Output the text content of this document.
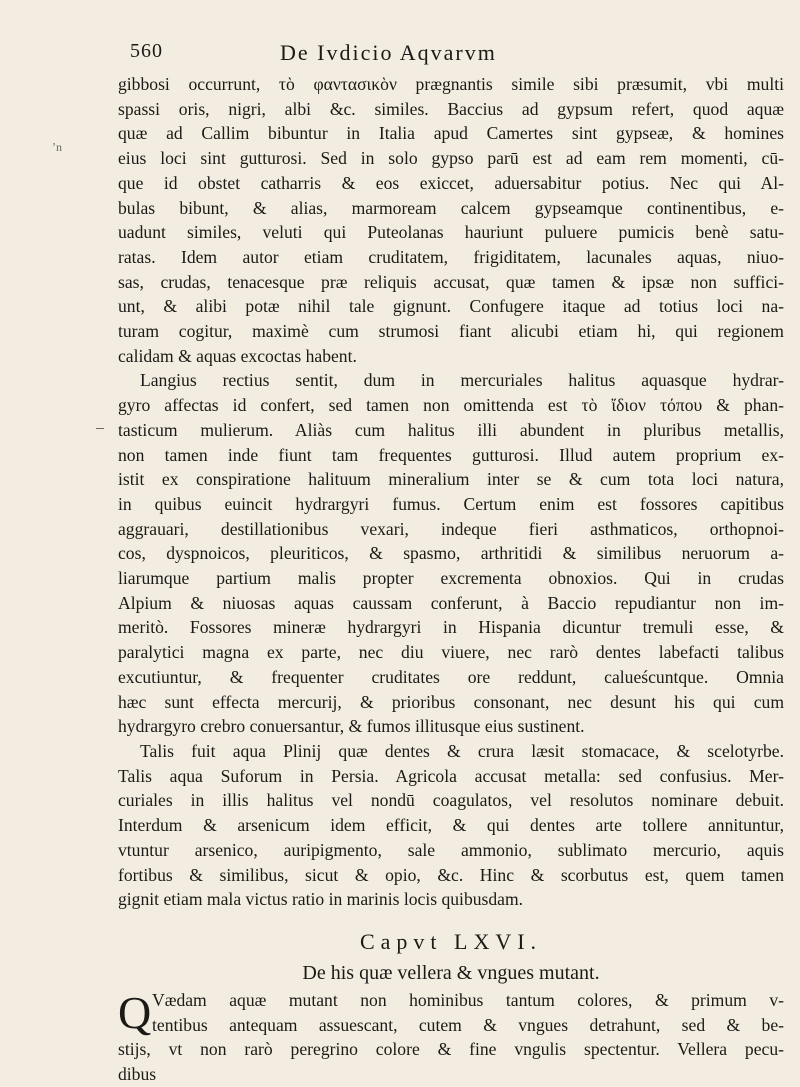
560	De Ivdicio Aqvarvm
ʼn
gibbosi occurrunt, τὸ φαντασικὸν prægnantis simile sibi præsumit, vbi multi
spassi oris, nigri, albi &c. similes. Baccius ad gypsum refert, quod aquæ
quæ ad Callim bibuntur in Italia apud Camertes sint gypseæ, & homines
eius loci sint gutturosi. Sed in solo gypso parū est ad eam rem momenti, cū-
que id obstet catharris & eos exiccet, aduersabitur potius. Nec qui Al-
bulas bibunt, & alias, marmoream calcem gypseamque continentibus, e-
uadunt similes, veluti qui Puteolanas hauriunt puluere pumicis benè satu-
ratas. Idem autor etiam cruditatem, frigiditatem, lacunales aquas, niuo-
sas, crudas, tenacesque præ reliquis accusat, quæ tamen & ipsæ non suffici-
unt, & alibi potæ nihil tale gignunt. Confugere itaque ad totius loci na-
turam cogitur, maximè cum strumosi fiant alicubi etiam hi, qui regionem
calidam & aquas excoctas habent.
Langius rectius sentit, dum in mercuriales halitus aquasque hydrar-
gyro affectas id confert, sed tamen non omittenda est τὸ ἴδιον τόπου & phan-
tasticum mulierum. Aliàs cum halitus illi abundent in pluribus metallis,
non tamen inde fiunt tam frequentes gutturosi. Illud autem proprium ex-
istit ex conspiratione halituum mineralium inter se & cum tota loci natura,
in quibus euincit hydrargyri fumus. Certum enim est fossores capitibus
aggrauari, destillationibus vexari, indeque fieri asthmaticos, orthopnoi-
cos, dyspnoicos, pleuriticos, & spasmo, arthritidi & similibus neruorum a-
liarumque partium malis propter excrementa obnoxios. Qui in crudas
Alpium & niuosas aquas caussam conferunt, à Baccio repudiantur non im-
meritò. Fossores mineræ hydrargyri in Hispania dicuntur tremuli esse, &
paralytici magna ex parte, nec diu viuere, nec rarò dentes labefacti talibus
excutiuntur, & frequenter cruditates ore reddunt, calueścuntque. Omnia
hæc sunt effecta mercurij, & prioribus consonant, nec desunt his qui cum
hydrargyro crebro conuersantur, & fumos illitusque eius sustinent.
Talis fuit aqua Plinij quæ dentes & crura læsit stomacace, & scelotyrbe.
Talis aqua Suforum in Persia. Agricola accusat metalla: sed confusius. Mer-
curiales in illis halitus vel nondū coagulatos, vel resolutos nominare debuit.
Interdum & arsenicum idem efficit, & qui dentes arte tollere annituntur,
vtuntur arsenico, auripigmento, sale ammonio, sublimato mercurio, aquis
fortibus & similibus, sicut & opio, &c. Hinc & scorbutus est, quem tamen
gignit etiam mala victus ratio in marinis locis quibusdam.
Capvt LXVI.
De his quæ vellera & vngues mutant.
Q Vædam aquæ mutant non hominibus tantum colores, & primum v-
tentibus antequam assuescant, cutem & vngues detrahunt, sed & be-
stijs, vt non rarò peregrino colore & fine vngulis spectentur. Vellera pecu-
dibus
